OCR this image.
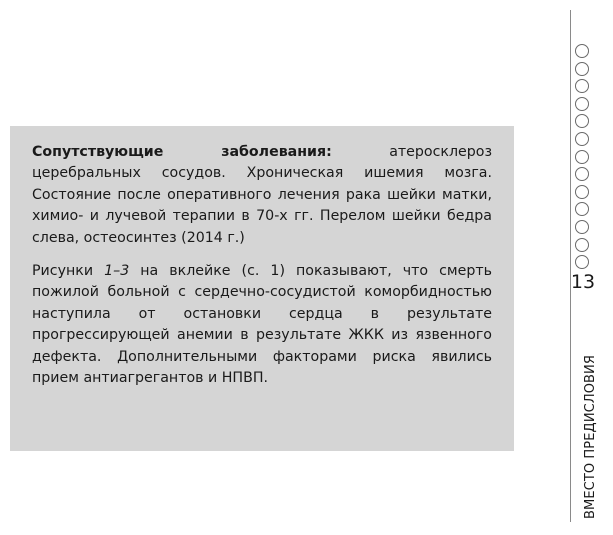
Сопутствующие заболевания: атеросклероз церебральных сосудов. Хроническая ишемия мозга. Состояние после оперативного лечения рака шейки матки, химио- и лучевой терапии в 70-х гг. Перелом шейки бедра слева, остеосинтез (2014 г.)

Рисунки 1–3 на вклейке (с. 1) показывают, что смерть пожилой больной с сердечно-сосудистой коморбидностью наступила от остановки сердца в результате прогрессирующей анемии в результате ЖКК из язвенного дефекта. Дополнительными факторами риска явились прием антиагрегантов и НПВП.

13
ВМЕСТО ПРЕДИСЛОВИЯ
